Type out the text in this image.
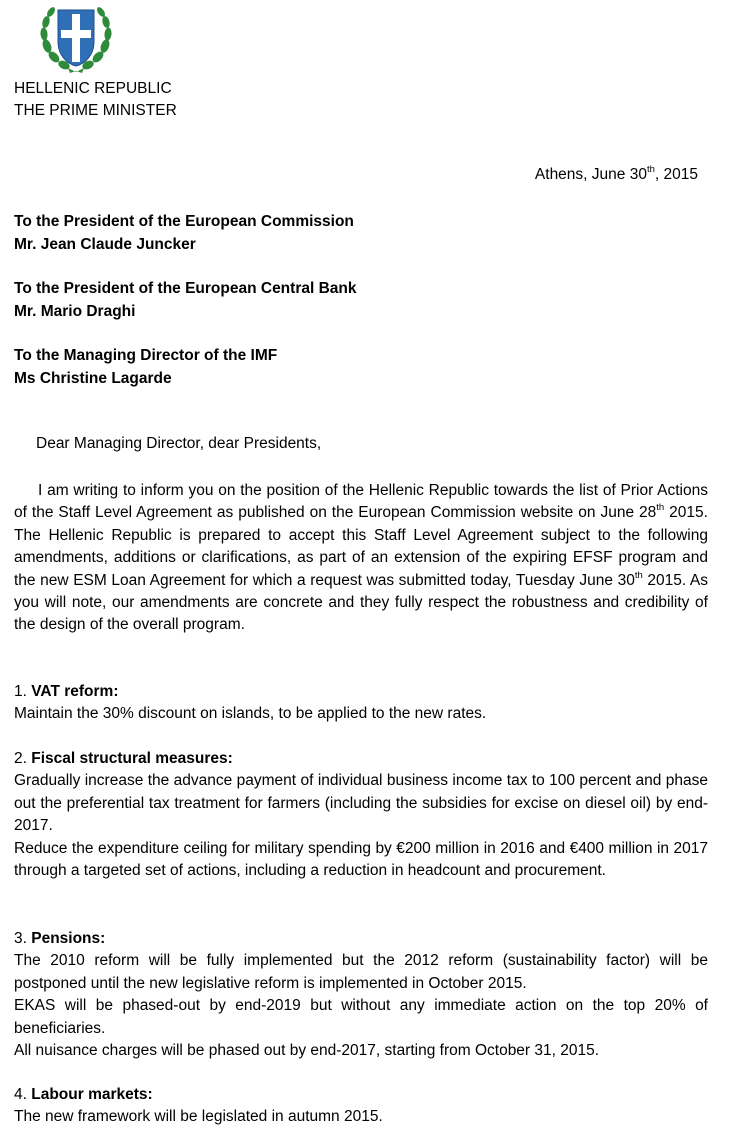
HELLENIC REPUBLIC
THE PRIME MINISTER
Athens, June 30th, 2015
To the President of the European Commission
Mr. Jean Claude Juncker
To the President of the European Central Bank
Mr. Mario Draghi
To the Managing Director of the IMF
Ms Christine Lagarde
Dear Managing Director, dear Presidents,
I am writing to inform you on the position of the Hellenic Republic towards the list of Prior Actions of the Staff Level Agreement as published on the European Commission website on June 28th 2015. The Hellenic Republic is prepared to accept this Staff Level Agreement subject to the following amendments, additions or clarifications, as part of an extension of the expiring EFSF program and the new ESM Loan Agreement for which a request was submitted today, Tuesday June 30th 2015. As you will note, our amendments are concrete and they fully respect the robustness and credibility of the design of the overall program.
1. VAT reform:

Maintain the 30% discount on islands, to be applied to the new rates.

2. Fiscal structural measures:

Gradually increase the advance payment of individual business income tax to 100 percent and phase out the preferential tax treatment for farmers (including the subsidies for excise on diesel oil) by end-2017.

Reduce the expenditure ceiling for military spending by €200 million in 2016 and €400 million in 2017 through a targeted set of actions, including a reduction in headcount and procurement.

3. Pensions:

The 2010 reform will be fully implemented but the 2012 reform (sustainability factor) will be postponed until the new legislative reform is implemented in October 2015.

EKAS will be phased-out by end-2019 but without any immediate action on the top 20% of beneficiaries.

All nuisance charges will be phased out by end-2017, starting from October 31, 2015.

4. Labour markets:

The new framework will be legislated in autumn 2015.
